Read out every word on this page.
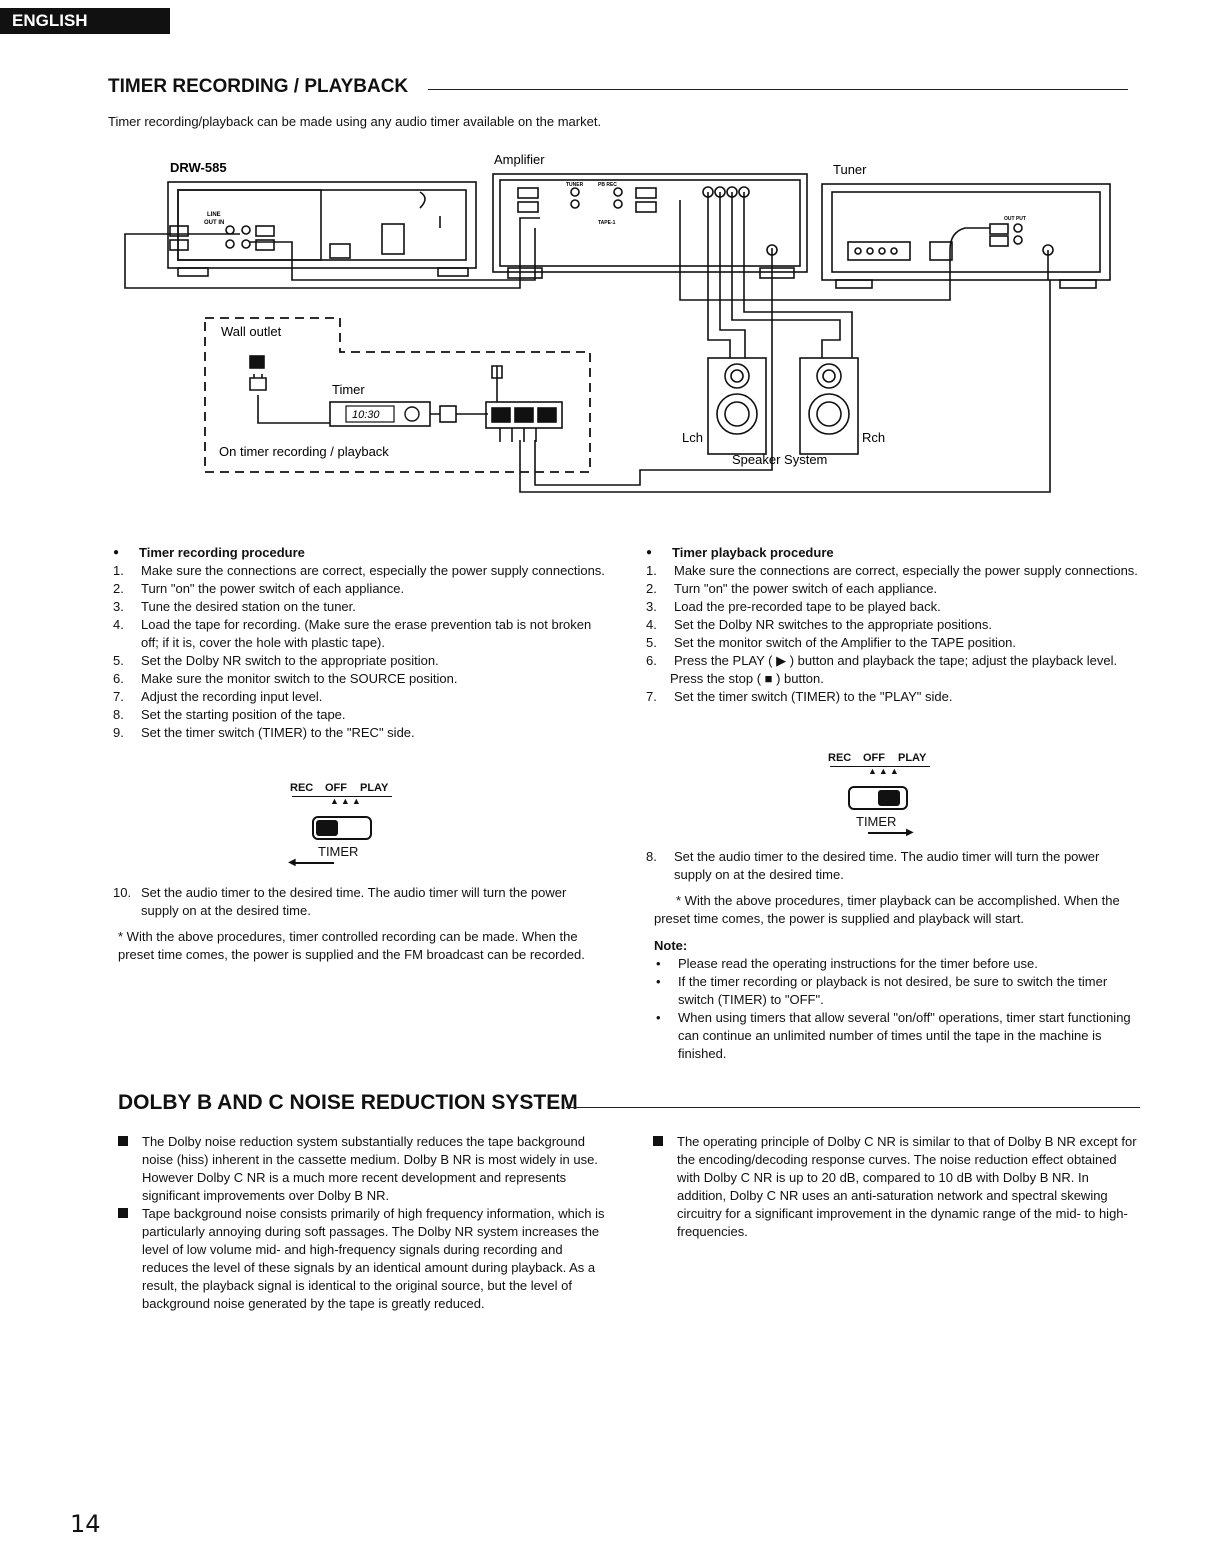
ENGLISH
TIMER RECORDING / PLAYBACK
Timer recording/playback can be made using any audio timer available on the market.
10:30
DRW-585
Amplifier
Tuner
Wall outlet
Timer
On timer recording / playback
Lch	Rch
Speaker System
LINE
OUT IN
TUNER	PB REC
TAPE-1
OUT PUT
● Timer recording procedure
1. Make sure the connections are correct, especially the power supply connections.
2. Turn "on" the power switch of each appliance.
3. Tune the desired station on the tuner.
4. Load the tape for recording. (Make sure the erase prevention tab is not broken off; if it is, cover the hole with plastic tape).
5. Set the Dolby NR switch to the appropriate position.
6. Make sure the monitor switch to the SOURCE position.
7. Adjust the recording input level.
8. Set the starting position of the tape.
9. Set the timer switch (TIMER) to the "REC" side.
REC OFF PLAY
▲▲▲
TIMER
◀
10. Set the audio timer to the desired time. The audio timer will turn the power supply on at the desired time.
* With the above procedures, timer controlled recording can be made. When the preset time comes, the power is supplied and the FM broadcast can be recorded.
● Timer playback procedure
1. Make sure the connections are correct, especially the power supply connections.
2. Turn "on" the power switch of each appliance.
3. Load the pre-recorded tape to be played back.
4. Set the Dolby NR switches to the appropriate positions.
5. Set the monitor switch of the Amplifier to the TAPE position.
6. Press the PLAY ( ▶ ) button and playback the tape; adjust the playback level.
Press the stop ( ■ ) button.
7. Set the timer switch (TIMER) to the "PLAY" side.
REC OFF PLAY
▲▲▲
TIMER
▶
8. Set the audio timer to the desired time. The audio timer will turn the power supply on at the desired time.
* With the above procedures, timer playback can be accomplished. When the preset time comes, the power is supplied and playback will start.
Note:
• Please read the operating instructions for the timer before use.
• If the timer recording or playback is not desired, be sure to switch the timer switch (TIMER) to "OFF".
• When using timers that allow several "on/off" operations, timer start functioning can continue an unlimited number of times until the tape in the machine is finished.
DOLBY B AND C NOISE REDUCTION SYSTEM
The Dolby noise reduction system substantially reduces the tape background noise (hiss) inherent in the cassette medium. Dolby B NR is most widely in use. However Dolby C NR is a much more recent development and represents significant improvements over Dolby B NR.
Tape background noise consists primarily of high frequency information, which is particularly annoying during soft passages. The Dolby NR system increases the level of low volume mid- and high-frequency signals during recording and reduces the level of these signals by an identical amount during playback. As a result, the playback signal is identical to the original source, but the level of background noise generated by the tape is greatly reduced.
The operating principle of Dolby C NR is similar to that of Dolby B NR except for the encoding/decoding response curves. The noise reduction effect obtained with Dolby C NR is up to 20 dB, compared to 10 dB with Dolby B NR. In addition, Dolby C NR uses an anti-saturation network and spectral skewing circuitry for a significant improvement in the dynamic range of the mid- to high-frequencies.
14
